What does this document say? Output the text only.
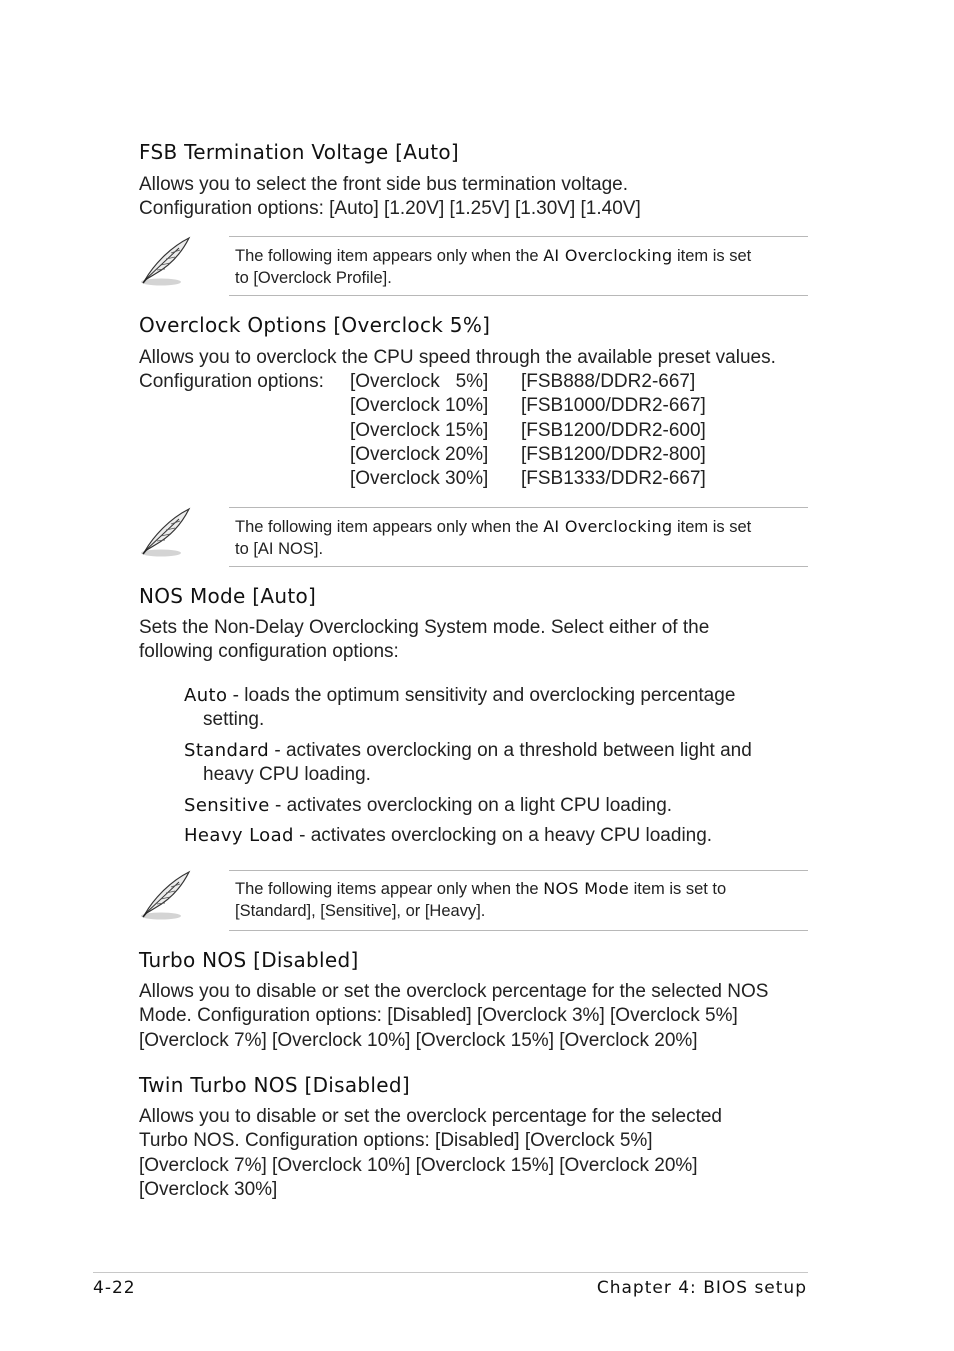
FSB Termination Voltage [Auto]

Allows you to select the front side bus termination voltage.

Configuration options: [Auto] [1.20V] [1.25V] [1.30V] [1.40V]

The following item appears only when the AI Overclocking item is set
to [Overclock Profile].
Overclock Options [Overclock 5%]

Allows you to overclock the CPU speed through the available preset values.

Configuration options: [Overclock   5%] [FSB888/DDR2-667]
[Overclock 10%] [FSB1000/DDR2-667]
[Overclock 15%] [FSB1200/DDR2-600]
[Overclock 20%] [FSB1200/DDR2-800]
[Overclock 30%] [FSB1333/DDR2-667]
The following item appears only when the AI Overclocking item is set
to [AI NOS].
NOS Mode [Auto]

Sets the Non-Delay Overclocking System mode. Select either of the

following configuration options:

Auto - loads the optimum sensitivity and overclocking percentage
setting.
Standard - activates overclocking on a threshold between light and
heavy CPU loading.
Sensitive - activates overclocking on a light CPU loading.
Heavy Load - activates overclocking on a heavy CPU loading.
The following items appear only when the NOS Mode item is set to
[Standard], [Sensitive], or [Heavy].
Turbo NOS [Disabled]

Allows you to disable or set the overclock percentage for the selected NOS

Mode. Configuration options: [Disabled] [Overclock 3%] [Overclock 5%]

[Overclock 7%] [Overclock 10%] [Overclock 15%] [Overclock 20%]

Twin Turbo NOS [Disabled]

Allows you to disable or set the overclock percentage for the selected

Turbo NOS. Configuration options: [Disabled] [Overclock 5%]

[Overclock 7%] [Overclock 10%] [Overclock 15%] [Overclock 20%]

[Overclock 30%]

4-22	Chapter 4: BIOS setup
